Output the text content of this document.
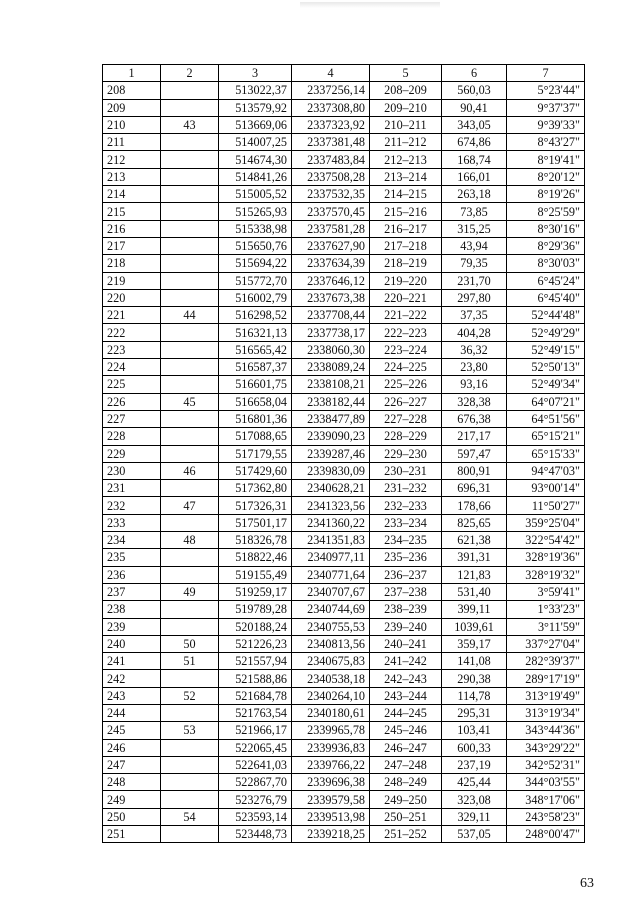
1	2	3	4	5	6	7
208		513022,37	2337256,14	208–209	560,03	5°23'44"
209		513579,92	2337308,80	209–210	90,41	9°37'37"
210	43	513669,06	2337323,92	210–211	343,05	9°39'33"
211		514007,25	2337381,48	211–212	674,86	8°43'27"
212		514674,30	2337483,84	212–213	168,74	8°19'41"
213		514841,26	2337508,28	213–214	166,01	8°20'12"
214		515005,52	2337532,35	214–215	263,18	8°19'26"
215		515265,93	2337570,45	215–216	73,85	8°25'59"
216		515338,98	2337581,28	216–217	315,25	8°30'16"
217		515650,76	2337627,90	217–218	43,94	8°29'36"
218		515694,22	2337634,39	218–219	79,35	8°30'03"
219		515772,70	2337646,12	219–220	231,70	6°45'24"
220		516002,79	2337673,38	220–221	297,80	6°45'40"
221	44	516298,52	2337708,44	221–222	37,35	52°44'48"
222		516321,13	2337738,17	222–223	404,28	52°49'29"
223		516565,42	2338060,30	223–224	36,32	52°49'15"
224		516587,37	2338089,24	224–225	23,80	52°50'13"
225		516601,75	2338108,21	225–226	93,16	52°49'34"
226	45	516658,04	2338182,44	226–227	328,38	64°07'21"
227		516801,36	2338477,89	227–228	676,38	64°51'56"
228		517088,65	2339090,23	228–229	217,17	65°15'21"
229		517179,55	2339287,46	229–230	597,47	65°15'33"
230	46	517429,60	2339830,09	230–231	800,91	94°47'03"
231		517362,80	2340628,21	231–232	696,31	93°00'14"
232	47	517326,31	2341323,56	232–233	178,66	11°50'27"
233		517501,17	2341360,22	233–234	825,65	359°25'04"
234	48	518326,78	2341351,83	234–235	621,38	322°54'42"
235		518822,46	2340977,11	235–236	391,31	328°19'36"
236		519155,49	2340771,64	236–237	121,83	328°19'32"
237	49	519259,17	2340707,67	237–238	531,40	3°59'41"
238		519789,28	2340744,69	238–239	399,11	1°33'23"
239		520188,24	2340755,53	239–240	1039,61	3°11'59"
240	50	521226,23	2340813,56	240–241	359,17	337°27'04"
241	51	521557,94	2340675,83	241–242	141,08	282°39'37"
242		521588,86	2340538,18	242–243	290,38	289°17'19"
243	52	521684,78	2340264,10	243–244	114,78	313°19'49"
244		521763,54	2340180,61	244–245	295,31	313°19'34"
245	53	521966,17	2339965,78	245–246	103,41	343°44'36"
246		522065,45	2339936,83	246–247	600,33	343°29'22"
247		522641,03	2339766,22	247–248	237,19	342°52'31"
248		522867,70	2339696,38	248–249	425,44	344°03'55"
249		523276,79	2339579,58	249–250	323,08	348°17'06"
250	54	523593,14	2339513,98	250–251	329,11	243°58'23"
251		523448,73	2339218,25	251–252	537,05	248°00'47"
63
